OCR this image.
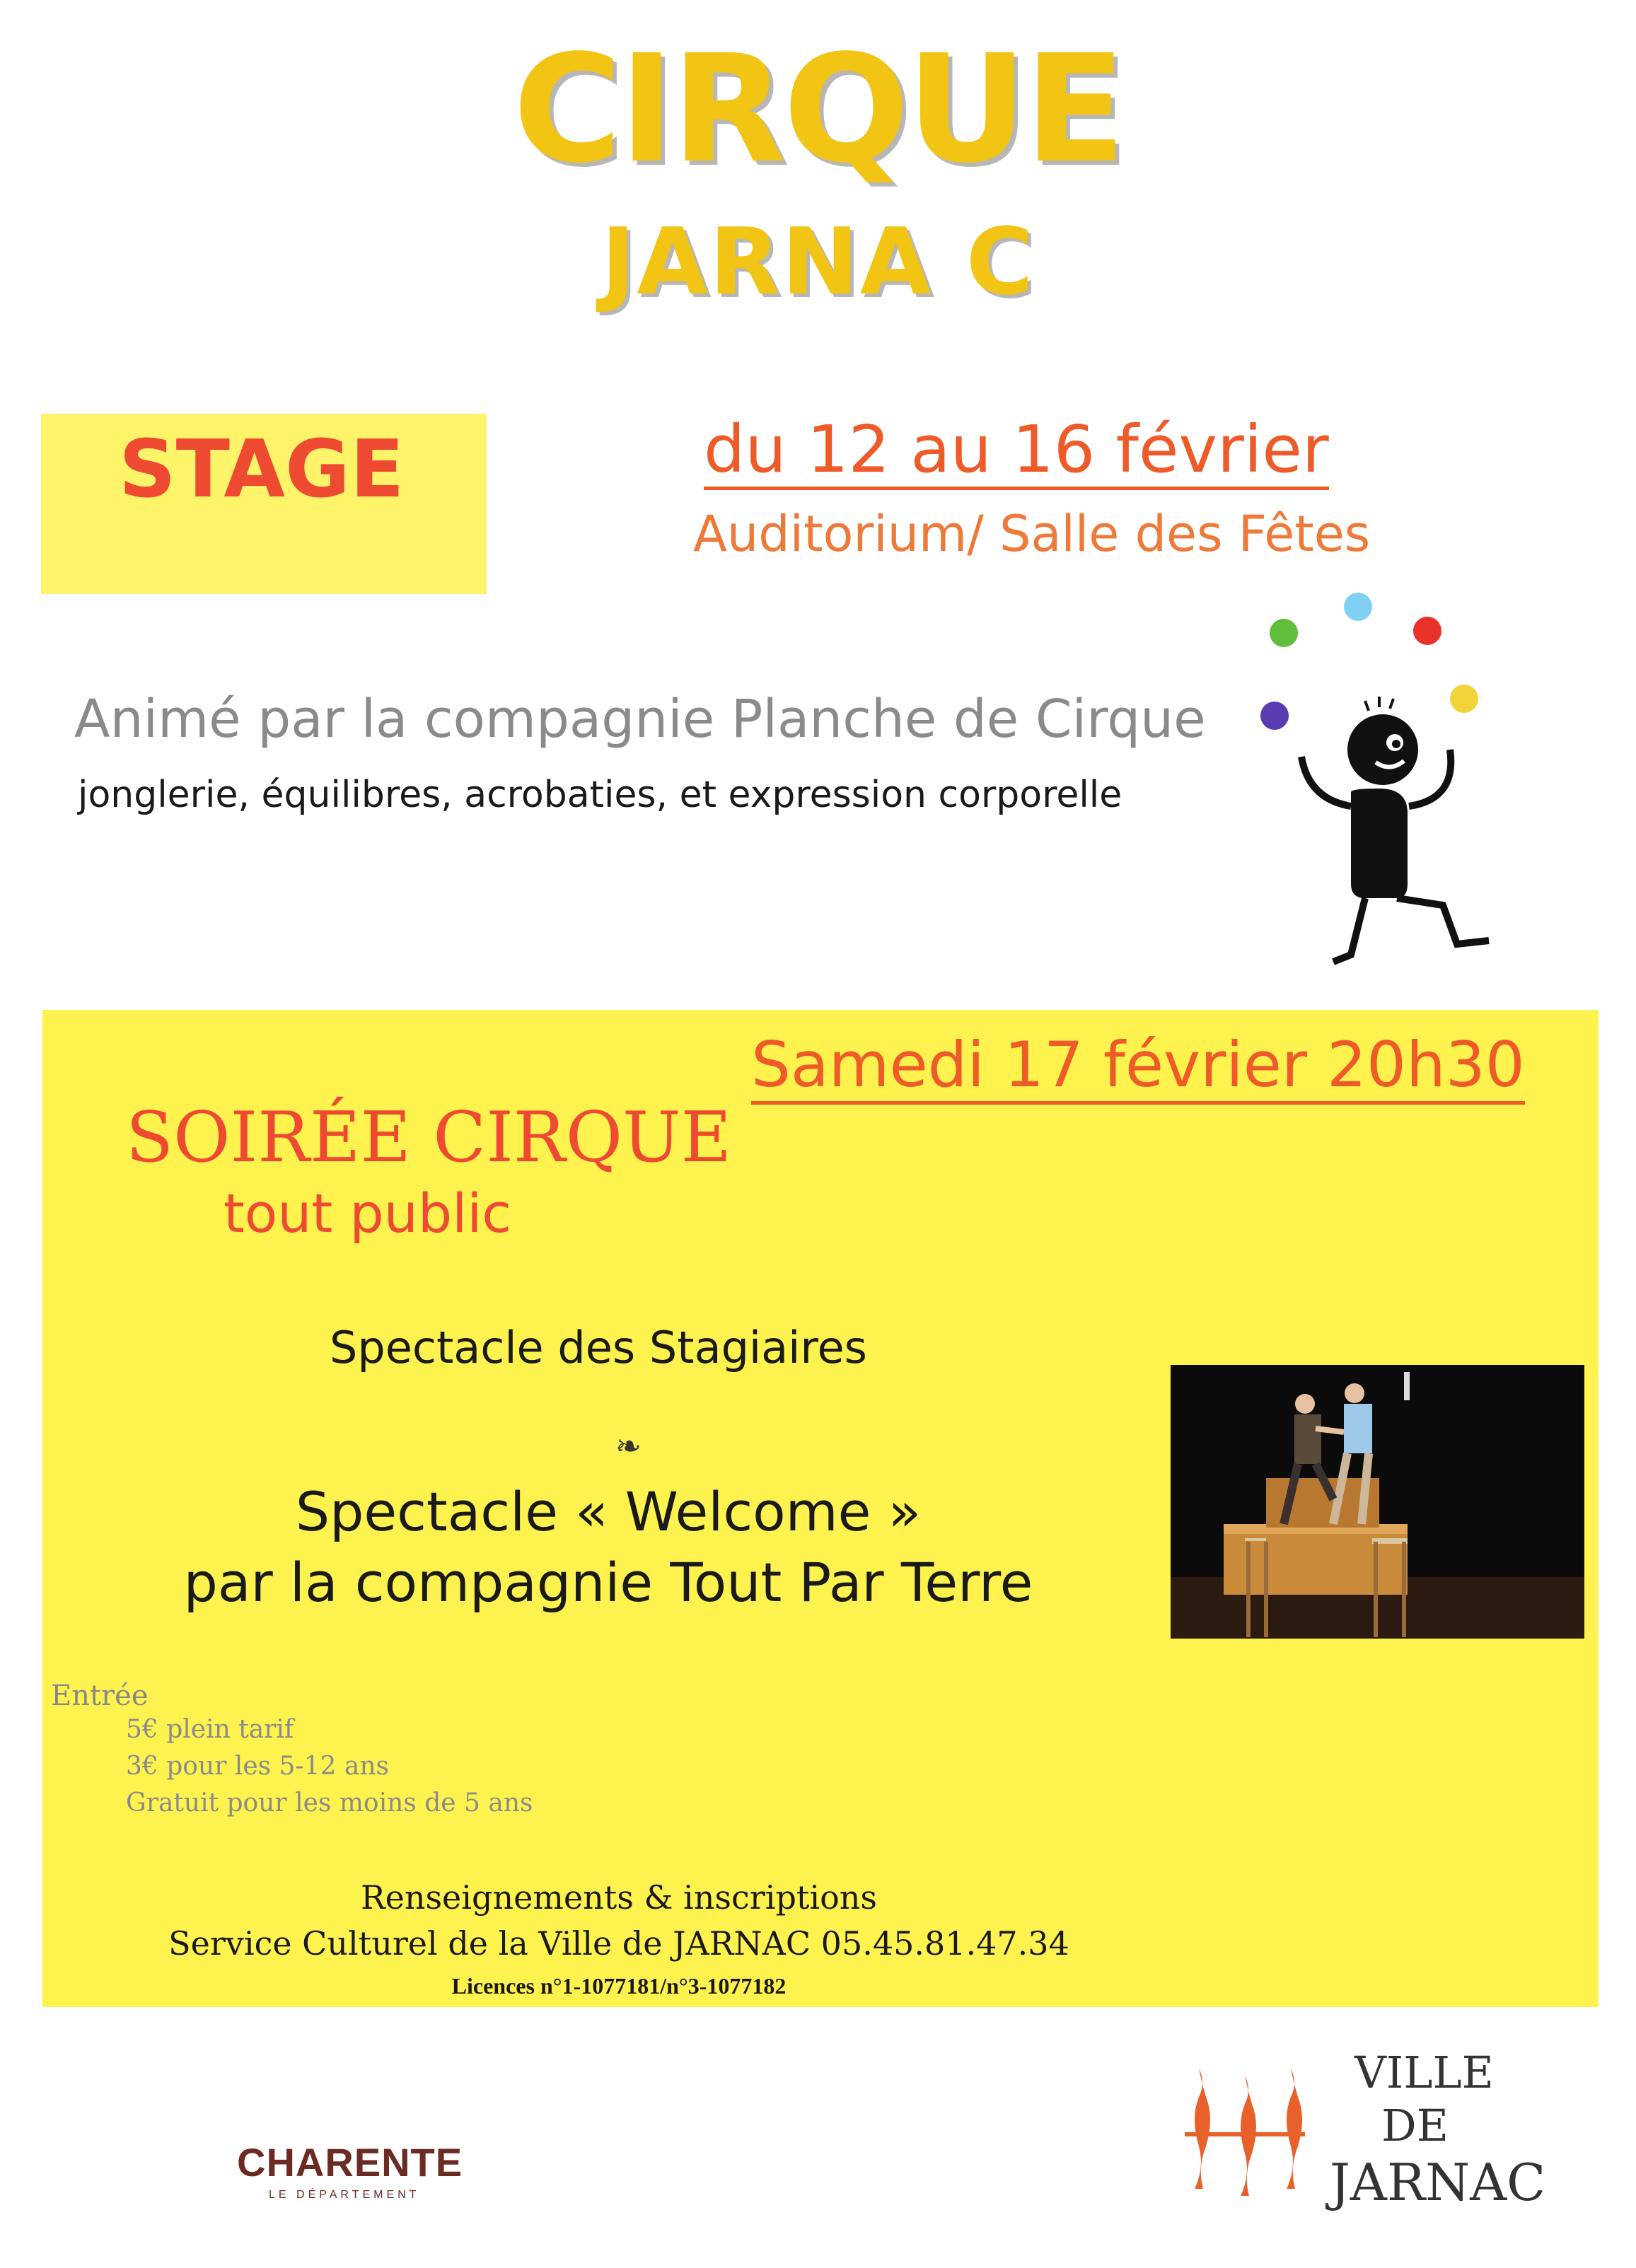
CIRQUE
JARNA C
STAGE	du 12 au 16 février
Auditorium/ Salle des Fêtes
Animé par la compagnie Planche de Cirque
jonglerie, équilibres, acrobaties, et expression corporelle
Samedi 17 février 20h30
SOIRÉE CIRQUE
tout public
Spectacle des Stagiaires
❧
Spectacle « Welcome »
par la compagnie Tout Par Terre
Entrée
5€ plein tarif
3€ pour les 5-12 ans
Gratuit pour les moins de 5 ans
Renseignements & inscriptions
Service Culturel de la Ville de JARNAC 05.45.81.47.34
Licences n°1-1077181/n°3-1077182
CHARENTE
LE DÉPARTEMENT
VILLE
DE
JARNAC
